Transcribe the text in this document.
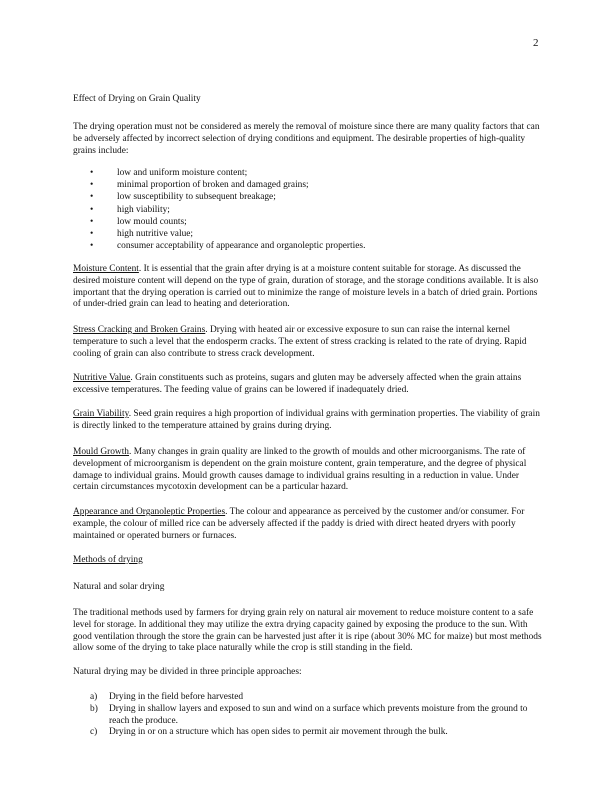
2

Effect of Drying on Grain Quality

The drying operation must not be considered as merely the removal of moisture since there are many quality factors that can be adversely affected by incorrect selection of drying conditions and equipment. The desirable properties of high-quality grains include:

• low and uniform moisture content;
• minimal proportion of broken and damaged grains;
• low susceptibility to subsequent breakage;
• high viability;
• low mould counts;
• high nutritive value;
• consumer acceptability of appearance and organoleptic properties.

Moisture Content. It is essential that the grain after drying is at a moisture content suitable for storage. As discussed the desired moisture content will depend on the type of grain, duration of storage, and the storage conditions available. It is also important that the drying operation is carried out to minimize the range of moisture levels in a batch of dried grain. Portions of under-dried grain can lead to heating and deterioration.

Stress Cracking and Broken Grains. Drying with heated air or excessive exposure to sun can raise the internal kernel temperature to such a level that the endosperm cracks. The extent of stress cracking is related to the rate of drying. Rapid cooling of grain can also contribute to stress crack development.

Nutritive Value. Grain constituents such as proteins, sugars and gluten may be adversely affected when the grain attains excessive temperatures. The feeding value of grains can be lowered if inadequately dried.

Grain Viability. Seed grain requires a high proportion of individual grains with germination properties. The viability of grain is directly linked to the temperature attained by grains during drying.

Mould Growth. Many changes in grain quality are linked to the growth of moulds and other microorganisms. The rate of development of microorganism is dependent on the grain moisture content, grain temperature, and the degree of physical damage to individual grains. Mould growth causes damage to individual grains resulting in a reduction in value. Under certain circumstances mycotoxin development can be a particular hazard.

Appearance and Organoleptic Properties. The colour and appearance as perceived by the customer and/or consumer. For example, the colour of milled rice can be adversely affected if the paddy is dried with direct heated dryers with poorly maintained or operated burners or furnaces.

Methods of drying

Natural and solar drying

The traditional methods used by farmers for drying grain rely on natural air movement to reduce moisture content to a safe level for storage. In additional they may utilize the extra drying capacity gained by exposing the produce to the sun. With good ventilation through the store the grain can be harvested just after it is ripe (about 30% MC for maize) but most methods allow some of the drying to take place naturally while the crop is still standing in the field.

Natural drying may be divided in three principle approaches:

a) Drying in the field before harvested
b) Drying in shallow layers and exposed to sun and wind on a surface which prevents moisture from the ground to reach the produce.
c) Drying in or on a structure which has open sides to permit air movement through the bulk.
